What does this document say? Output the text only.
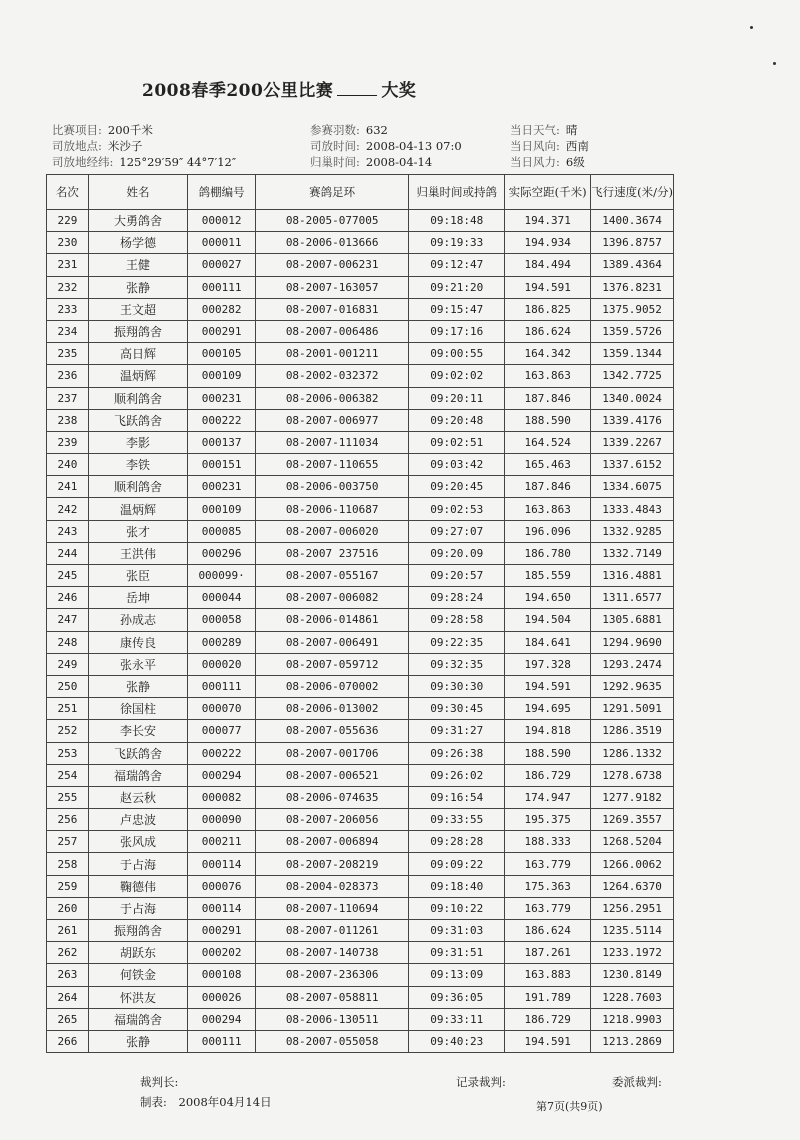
2008春季200公里比赛	大奖
比赛项目: 200千米
司放地点: 米沙子
司放地经纬: 125°29′59″ 44°7′12″
参赛羽数: 632
司放时间: 2008-04-13 07:0
归巢时间: 2008-04-14
当日天气: 晴
当日风向: 西南
当日风力: 6级
名次	姓名	鸽棚编号	赛鸽足环	归巢时间或持鸽	实际空距(千米)	飞行速度(米/分)
229	大勇鸽舍	000012	08-2005-077005	09:18:48	194.371	1400.3674
230	杨学德	000011	08-2006-013666	09:19:33	194.934	1396.8757
231	王健	000027	08-2007-006231	09:12:47	184.494	1389.4364
232	张静	000111	08-2007-163057	09:21:20	194.591	1376.8231
233	王文超	000282	08-2007-016831	09:15:47	186.825	1375.9052
234	振翔鸽舍	000291	08-2007-006486	09:17:16	186.624	1359.5726
235	高日辉	000105	08-2001-001211	09:00:55	164.342	1359.1344
236	温炳辉	000109	08-2002-032372	09:02:02	163.863	1342.7725
237	顺利鸽舍	000231	08-2006-006382	09:20:11	187.846	1340.0024
238	飞跃鸽舍	000222	08-2007-006977	09:20:48	188.590	1339.4176
239	李影	000137	08-2007-111034	09:02:51	164.524	1339.2267
240	李铁	000151	08-2007-110655	09:03:42	165.463	1337.6152
241	顺利鸽舍	000231	08-2006-003750	09:20:45	187.846	1334.6075
242	温炳辉	000109	08-2006-110687	09:02:53	163.863	1333.4843
243	张才	000085	08-2007-006020	09:27:07	196.096	1332.9285
244	王洪伟	000296	08-2007 237516	09:20.09	186.780	1332.7149
245	张臣	000099·	08-2007-055167	09:20:57	185.559	1316.4881
246	岳坤	000044	08-2007-006082	09:28:24	194.650	1311.6577
247	孙成志	000058	08-2006-014861	09:28:58	194.504	1305.6881
248	康传良	000289	08-2007-006491	09:22:35	184.641	1294.9690
249	张永平	000020	08-2007-059712	09:32:35	197.328	1293.2474
250	张静	000111	08-2006-070002	09:30:30	194.591	1292.9635
251	徐国柱	000070	08-2006-013002	09:30:45	194.695	1291.5091
252	李长安	000077	08-2007-055636	09:31:27	194.818	1286.3519
253	飞跃鸽舍	000222	08-2007-001706	09:26:38	188.590	1286.1332
254	福瑞鸽舍	000294	08-2007-006521	09:26:02	186.729	1278.6738
255	赵云秋	000082	08-2006-074635	09:16:54	174.947	1277.9182
256	卢忠波	000090	08-2007-206056	09:33:55	195.375	1269.3557
257	张风成	000211	08-2007-006894	09:28:28	188.333	1268.5204
258	于占海	000114	08-2007-208219	09:09:22	163.779	1266.0062
259	鞠德伟	000076	08-2004-028373	09:18:40	175.363	1264.6370
260	于占海	000114	08-2007-110694	09:10:22	163.779	1256.2951
261	振翔鸽舍	000291	08-2007-011261	09:31:03	186.624	1235.5114
262	胡跃东	000202	08-2007-140738	09:31:51	187.261	1233.1972
263	何铁金	000108	08-2007-236306	09:13:09	163.883	1230.8149
264	怀洪友	000026	08-2007-058811	09:36:05	191.789	1228.7603
265	福瑞鸽舍	000294	08-2006-130511	09:33:11	186.729	1218.9903
266	张静	000111	08-2007-055058	09:40:23	194.591	1213.2869
裁判长:
制表: 2008年04月14日
记录裁判:	委派裁判:
第7页(共9页)
